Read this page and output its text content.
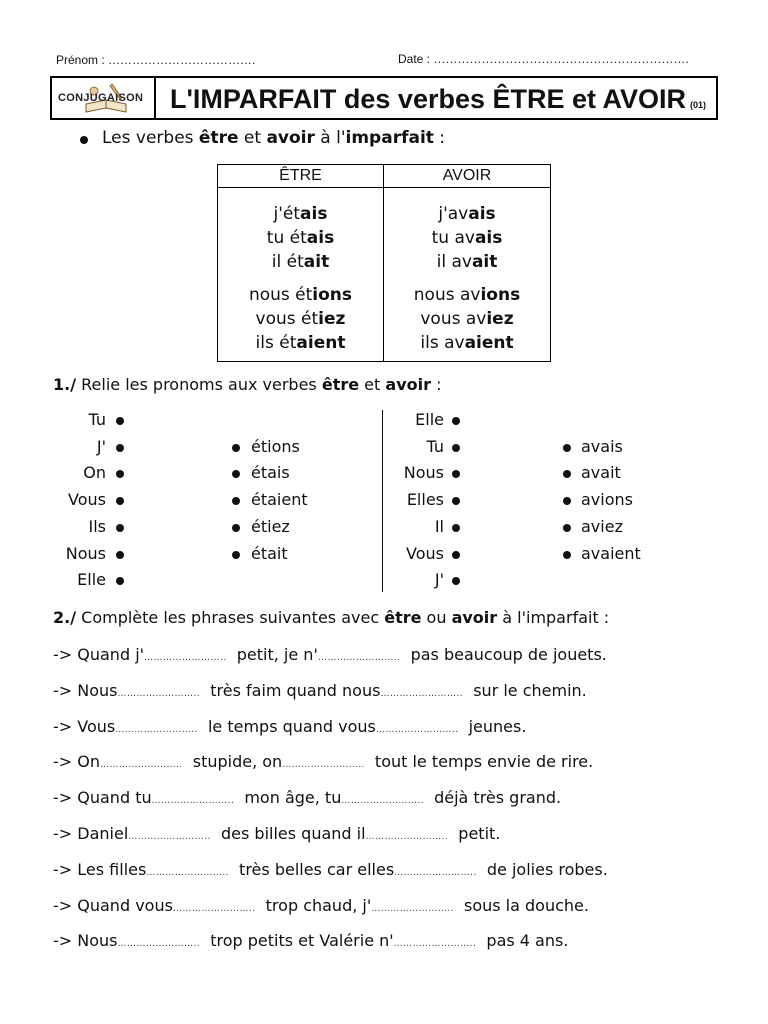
Prénom : ……………………………….	Date : ……………………………………………………….
CONJUGAISON L'IMPARFAIT des verbes ÊTRE et AVOIR (01)
Les verbes être et avoir à l'imparfait :
ÊTRE
j'étais
tu étais
il était
nous étions
vous étiez
ils étaient
AVOIR
j'avais
tu avais
il avait
nous avions
vous aviez
ils avaient
1./ Relie les pronoms aux verbes être et avoir :
Tu
J'
On
Vous
Ils
Nous
Elle
étions
étais
étaient
étiez
était
Elle
Tu
Nous
Elles
Il
Vous
J'
avais
avait
avions
aviez
avaient
2./ Complète les phrases suivantes avec être ou avoir à l'imparfait :
-> Quand j'…………………….. petit, je n'…………………….. pas beaucoup de jouets.
-> Nous…………………….. très faim quand nous…………………….. sur le chemin.
-> Vous…………………….. le temps quand vous…………………….. jeunes.
-> On…………………….. stupide, on…………………….. tout le temps envie de rire.
-> Quand tu…………………….. mon âge, tu…………………….. déjà très grand.
-> Daniel…………………….. des billes quand il…………………….. petit.
-> Les filles…………………….. très belles car elles…………………….. de jolies robes.
-> Quand vous…………………….. trop chaud, j'…………………….. sous la douche.
-> Nous…………………….. trop petits et Valérie n'…………………….. pas 4 ans.
